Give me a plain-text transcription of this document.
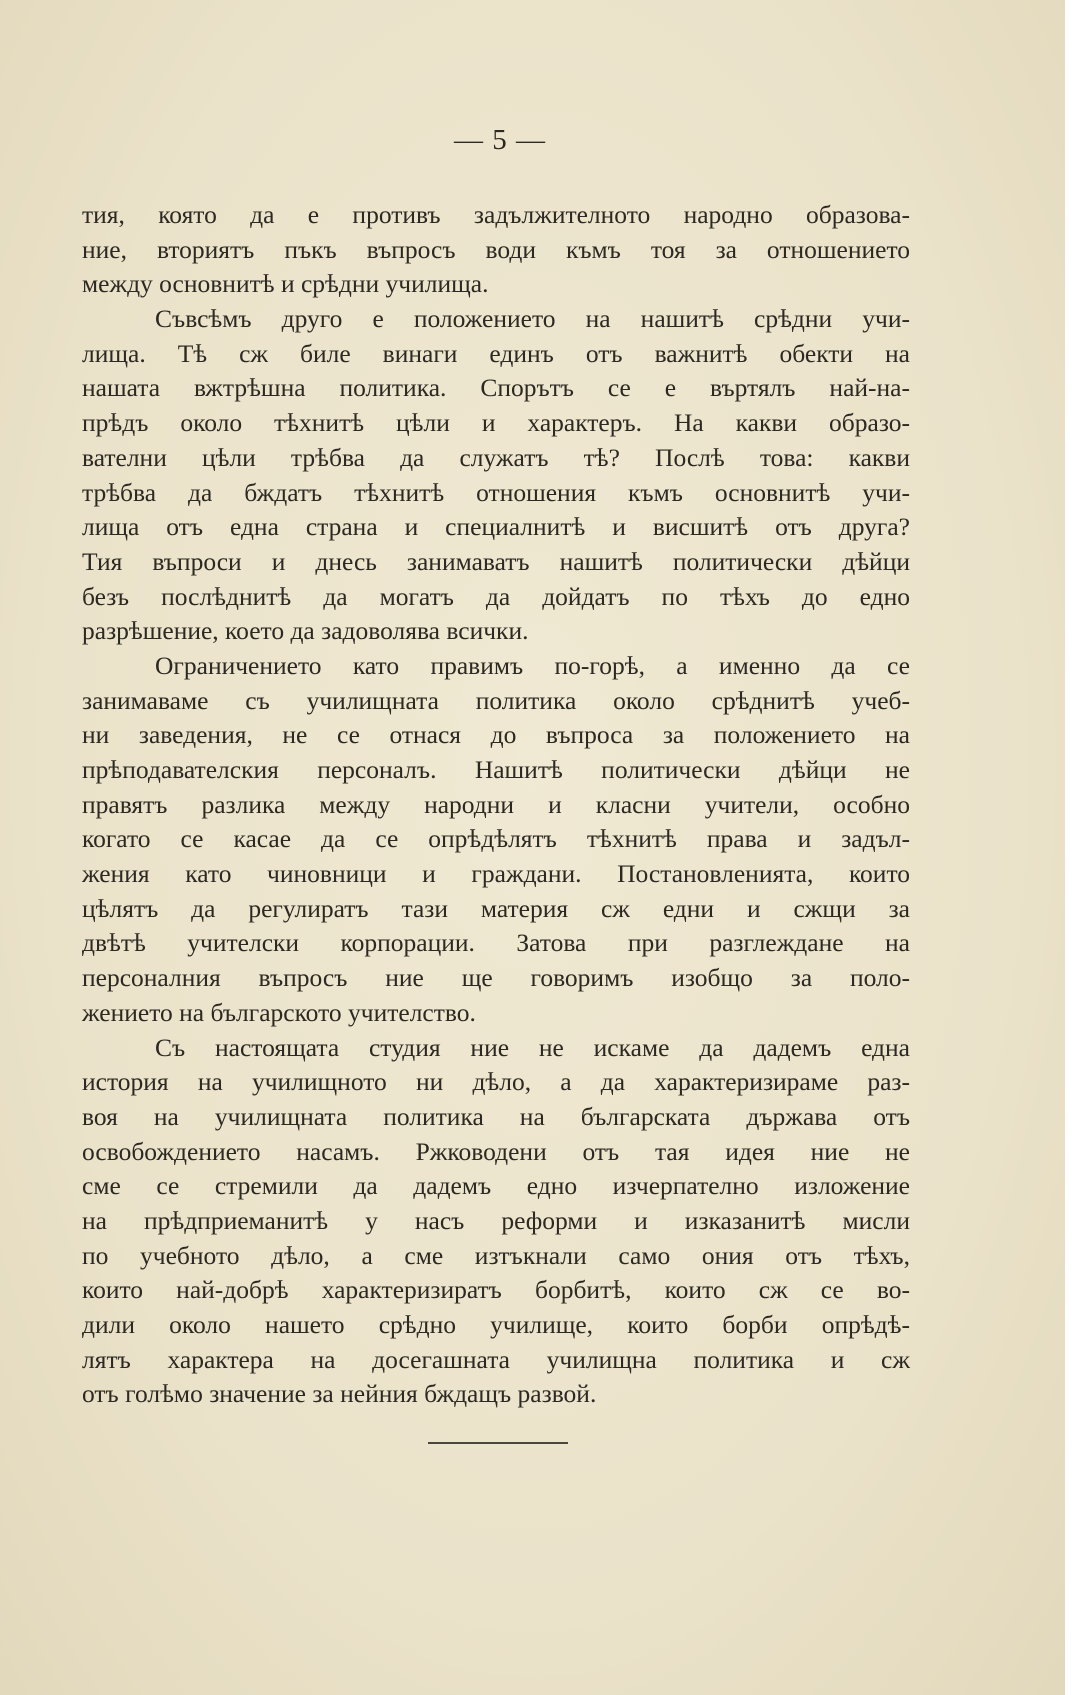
— 5 —
тия, която да е противъ задължителното народно образова-
ние, вториятъ пъкъ въпросъ води къмъ тоя за отношението
между основнитѣ и срѣдни училища.
Съвсѣмъ друго е положението на нашитѣ срѣдни учи-
лища. Тѣ сж биле винаги единъ отъ важнитѣ обекти на
нашата вжтрѣшна политика. Спорътъ се е въртялъ най-на-
прѣдъ около тѣхнитѣ цѣли и характеръ. На какви образо-
вателни цѣли трѣбва да служатъ тѣ? Послѣ това: какви
трѣбва да бждатъ тѣхнитѣ отношения къмъ основнитѣ учи-
лища отъ една страна и специалнитѣ и висшитѣ отъ друга?
Тия въпроси и днесь занимаватъ нашитѣ политически дѣйци
безъ послѣднитѣ да могатъ да дойдатъ по тѣхъ до едно
разрѣшение, което да задоволява всички.
Ограничението като правимъ по-горѣ, а именно да се
занимаваме съ училищната политика около срѣднитѣ учеб-
ни заведения, не се отнася до въпроса за положението на
прѣподавателския персоналъ. Нашитѣ политически дѣйци не
правятъ разлика между народни и класни учители, особно
когато се касае да се опрѣдѣлятъ тѣхнитѣ права и задъл-
жения като чиновници и граждани. Постановленията, които
цѣлятъ да регулиратъ тази материя сж едни и сжщи за
двѣтѣ учителски корпорации. Затова при разглеждане на
персоналния въпросъ ние ще говоримъ изобщо за поло-
жението на българското учителство.
Съ настоящата студия ние не искаме да дадемъ една
история на училищното ни дѣло, а да характеризираме раз-
воя на училищната политика на българската държава отъ
освобождението насамъ. Ржководени отъ тая идея ние не
сме се стремили да дадемъ едно изчерпателно изложение
на прѣдприеманитѣ у насъ реформи и изказанитѣ мисли
по учебното дѣло, а сме изтъкнали само ония отъ тѣхъ,
които най-добрѣ характеризиратъ борбитѣ, които сж се во-
дили около нашето срѣдно училище, които борби опрѣдѣ-
лятъ характера на досегашната училищна политика и сж
отъ голѣмо значение за нейния бждащъ развой.
